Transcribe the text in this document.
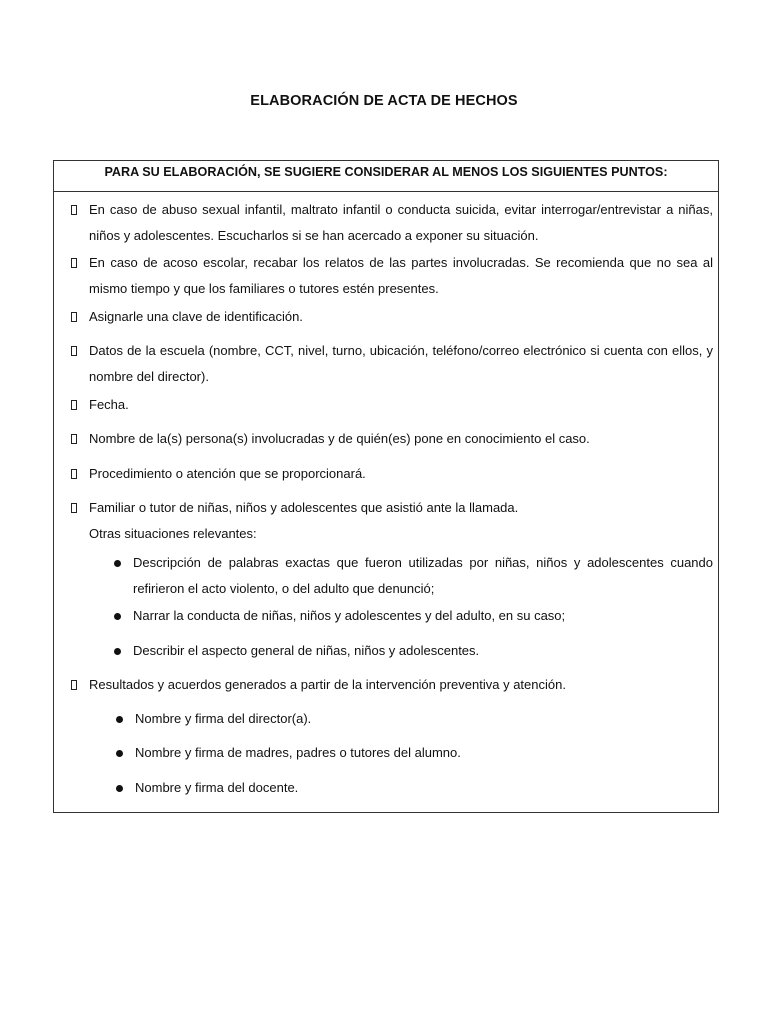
ELABORACIÓN DE ACTA DE HECHOS
PARA SU ELABORACIÓN, SE SUGIERE CONSIDERAR AL MENOS LOS SIGUIENTES PUNTOS:
En caso de abuso sexual infantil, maltrato infantil o conducta suicida, evitar interrogar/entrevistar a niñas, niños y adolescentes. Escucharlos si se han acercado a exponer su situación.
En caso de acoso escolar, recabar los relatos de las partes involucradas. Se recomienda que no sea al mismo tiempo y que los familiares o tutores estén presentes.
Asignarle una clave de identificación.
Datos de la escuela (nombre, CCT, nivel, turno, ubicación, teléfono/correo electrónico si cuenta con ellos, y nombre del director).
Fecha.
Nombre de la(s) persona(s) involucradas y de quién(es) pone en conocimiento el caso.
Procedimiento o atención que se proporcionará.
Familiar o tutor de niñas, niños y adolescentes que asistió ante la llamada.
Otras situaciones relevantes:
Descripción de palabras exactas que fueron utilizadas por niñas, niños y adolescentes cuando refirieron el acto violento, o del adulto que denunció;
Narrar la conducta de niñas, niños y adolescentes y del adulto, en su caso;
Describir el aspecto general de niñas, niños y adolescentes.
Resultados y acuerdos generados a partir de la intervención preventiva y atención.
Nombre y firma del director(a).
Nombre y firma de madres, padres o tutores del alumno.
Nombre y firma del docente.
